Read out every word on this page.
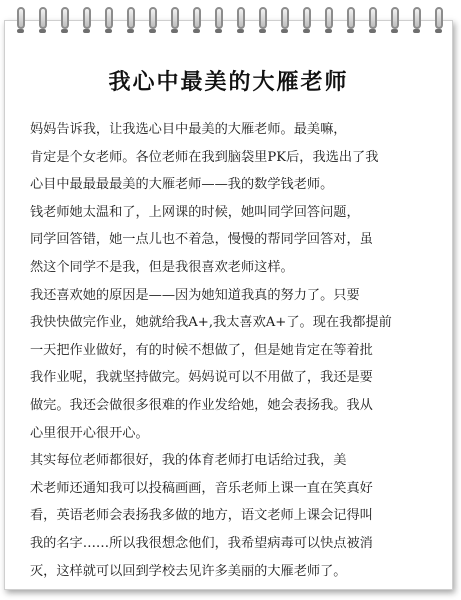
我心中最美的大雁老师
妈妈告诉我，让我选心目中最美的大雁老师。最美嘛，
肯定是个女老师。各位老师在我到脑袋里PK后，我选出了我
心目中最最最最美的大雁老师——我的数学钱老师。
钱老师她太温和了，上网课的时候，她叫同学回答问题，
同学回答错，她一点儿也不着急，慢慢的帮同学回答对，虽
然这个同学不是我，但是我很喜欢老师这样。
我还喜欢她的原因是——因为她知道我真的努力了。只要
我快快做完作业，她就给我A+,我太喜欢A+了。现在我都提前
一天把作业做好，有的时候不想做了，但是她肯定在等着批
我作业呢，我就坚持做完。妈妈说可以不用做了，我还是要
做完。我还会做很多很难的作业发给她，她会表扬我。我从
心里很开心很开心。
其实每位老师都很好，我的体育老师打电话给过我，美
术老师还通知我可以投稿画画，音乐老师上课一直在笑真好
看，英语老师会表扬我多做的地方，语文老师上课会记得叫
我的名字……所以我很想念他们，我希望病毒可以快点被消
灭，这样就可以回到学校去见许多美丽的大雁老师了。
